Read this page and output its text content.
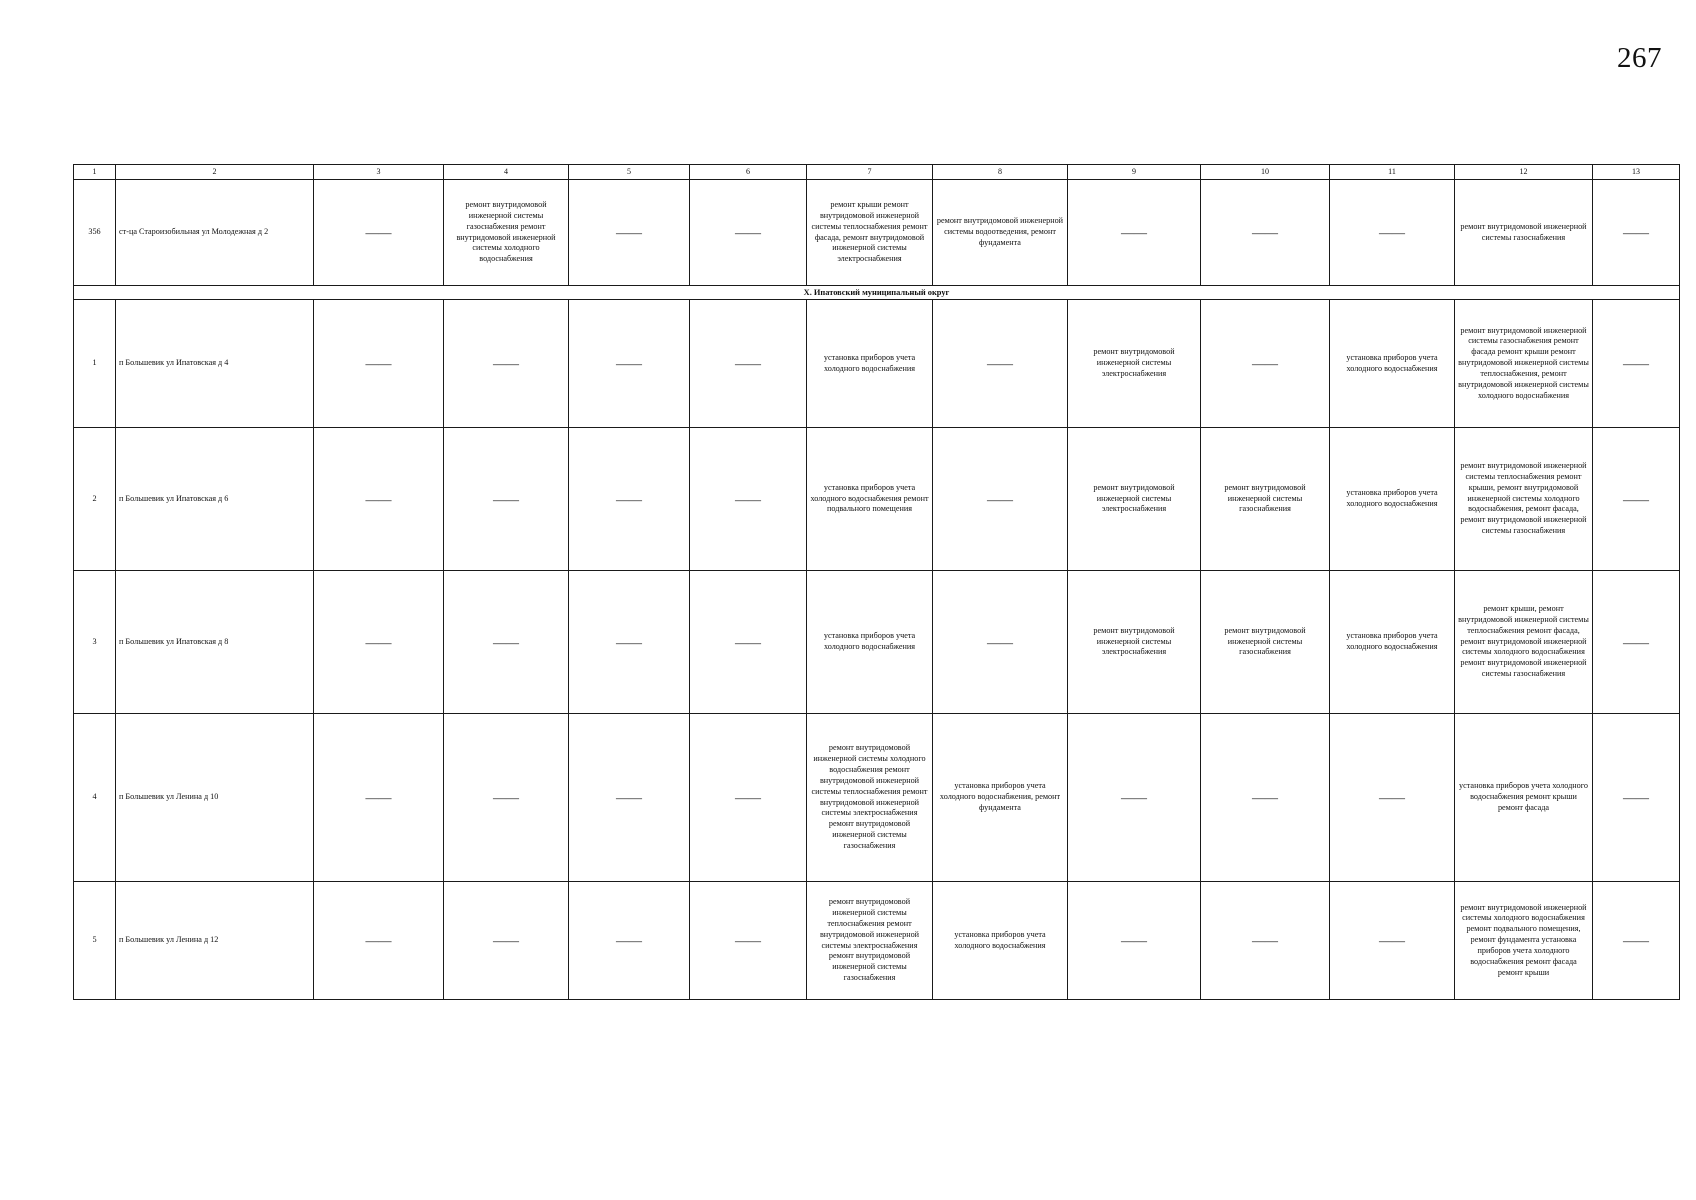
267
1	2	3	4	5	6	7	8	9	10	11	12	13
356	ст-ца Староизобильная ул Молодежная д 2	——	ремонт внутридомовой инженерной системы газоснабжения ремонт внутридомовой инженерной системы холодного водоснабжения	——	——	ремонт крыши ремонт внутридомовой инженерной системы теплоснабжения ремонт фасада, ремонт внутридомовой инженерной системы электроснабжения	ремонт внутридомовой инженерной системы водоотведения, ремонт фундамента	——	——	——	ремонт внутридомовой инженерной системы газоснабжения	——
X. Ипатовский муниципальный округ												
1	п Большевик ул Ипатовская д 4	——	——	——	——	установка приборов учета холодного водоснабжения	——	ремонт внутридомовой инженерной системы электроснабжения	——	установка приборов учета холодного водоснабжения	ремонт внутридомовой инженерной системы газоснабжения ремонт фасада ремонт крыши ремонт внутридомовой инженерной системы теплоснабжения, ремонт внутридомовой инженерной системы холодного водоснабжения	——
2	п Большевик ул Ипатовская д 6	——	——	——	——	установка приборов учета холодного водоснабжения ремонт подвального помещения	——	ремонт внутридомовой инженерной системы электроснабжения	ремонт внутридомовой инженерной системы газоснабжения	установка приборов учета холодного водоснабжения	ремонт внутридомовой инженерной системы теплоснабжения ремонт крыши, ремонт внутридомовой инженерной системы холодного водоснабжения, ремонт фасада, ремонт внутридомовой инженерной системы газоснабжения	——
3	п Большевик ул Ипатовская д 8	——	——	——	——	установка приборов учета холодного водоснабжения	——	ремонт внутридомовой инженерной системы электроснабжения	ремонт внутридомовой инженерной системы газоснабжения	установка приборов учета холодного водоснабжения	ремонт крыши, ремонт внутридомовой инженерной системы теплоснабжения ремонт фасада, ремонт внутридомовой инженерной системы холодного водоснабжения ремонт внутридомовой инженерной системы газоснабжения	——
4	п Большевик ул Ленина д 10	——	——	——	——	ремонт внутридомовой инженерной системы холодного водоснабжения ремонт внутридомовой инженерной системы теплоснабжения ремонт внутридомовой инженерной системы электроснабжения ремонт внутридомовой инженерной системы газоснабжения	установка приборов учета холодного водоснабжения, ремонт фундамента	——	——	——	установка приборов учета холодного водоснабжения ремонт крыши ремонт фасада	——
5	п Большевик ул Ленина д 12	——	——	——	——	ремонт внутридомовой инженерной системы теплоснабжения ремонт внутридомовой инженерной системы электроснабжения ремонт внутридомовой инженерной системы газоснабжения	установка приборов учета холодного водоснабжения	——	——	——	ремонт внутридомовой инженерной системы холодного водоснабжения ремонт подвального помещения, ремонт фундамента установка приборов учета холодного водоснабжения ремонт фасада ремонт крыши	——
